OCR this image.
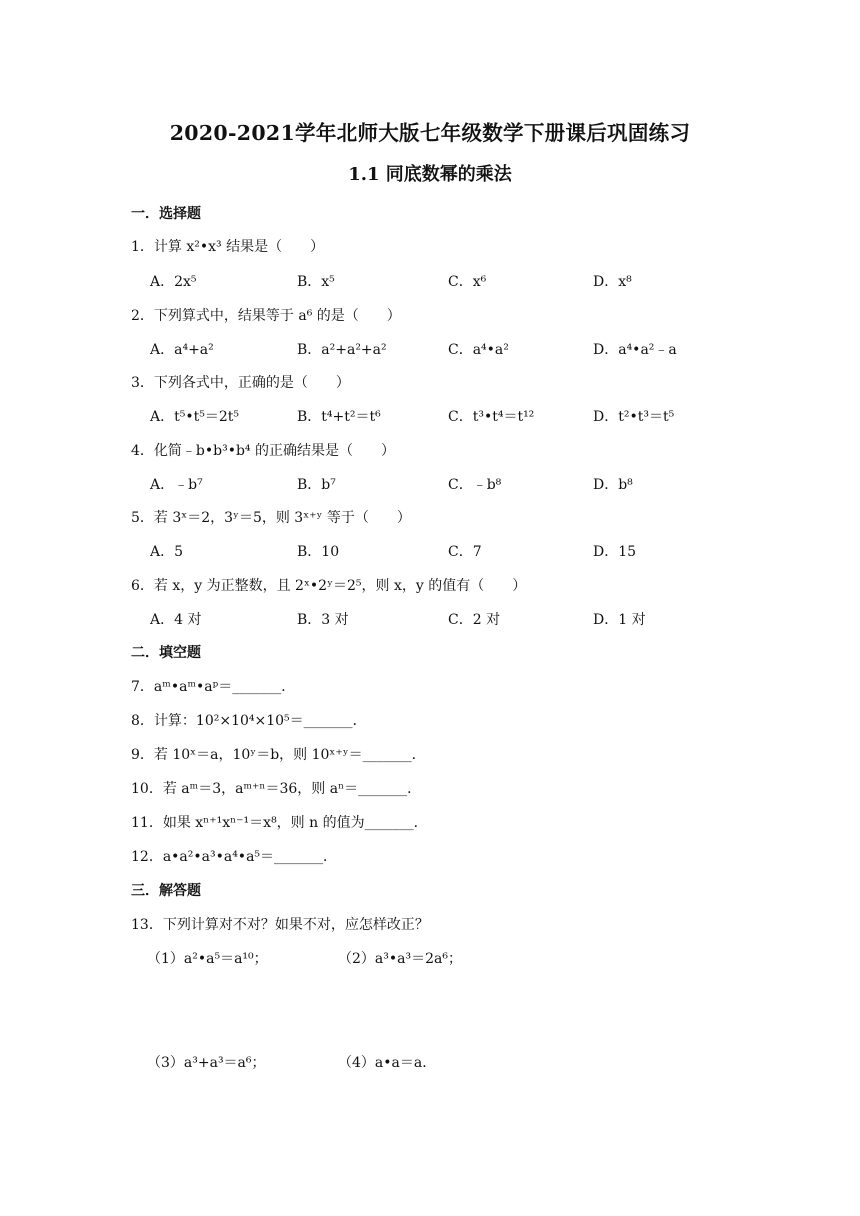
2020-2021学年北师大版七年级数学下册课后巩固练习
1.1 同底数幂的乘法
一．选择题
1．计算 x²•x³ 结果是（　　）
A．2x⁵	B．x⁵	C．x⁶	D．x⁸
2．下列算式中，结果等于 a⁶ 的是（　　）
A．a⁴+a²	B．a²+a²+a²	C．a⁴•a²	D．a⁴•a²﹣a
3．下列各式中，正确的是（　　）
A．t⁵•t⁵＝2t⁵	B．t⁴+t²＝t⁶	C．t³•t⁴＝t¹²	D．t²•t³＝t⁵
4．化简﹣b•b³•b⁴ 的正确结果是（　　）
A．﹣b⁷	B．b⁷	C．﹣b⁸	D．b⁸
5．若 3ˣ＝2，3ʸ＝5，则 3ˣ⁺ʸ 等于（　　）
A．5	B．10	C．7	D．15
6．若 x，y 为正整数，且 2ˣ•2ʸ＝2⁵，则 x，y 的值有（　　）
A．4 对	B．3 对	C．2 对	D．1 对
二．填空题
7．aᵐ•aᵐ•aᵖ＝_______．
8．计算：10²×10⁴×10⁵＝_______．
9．若 10ˣ＝a，10ʸ＝b，则 10ˣ⁺ʸ＝_______．
10．若 aᵐ＝3，aᵐ⁺ⁿ＝36，则 aⁿ＝_______．
11．如果 xⁿ⁺¹xⁿ⁻¹＝x⁸，则 n 的值为_______．
12．a•a²•a³•a⁴•a⁵＝_______．
三．解答题
13．下列计算对不对？如果不对，应怎样改正？
（1）a²•a⁵＝a¹⁰；	（2）a³•a³＝2a⁶；
（3）a³+a³＝a⁶；	（4）a•a＝a．
